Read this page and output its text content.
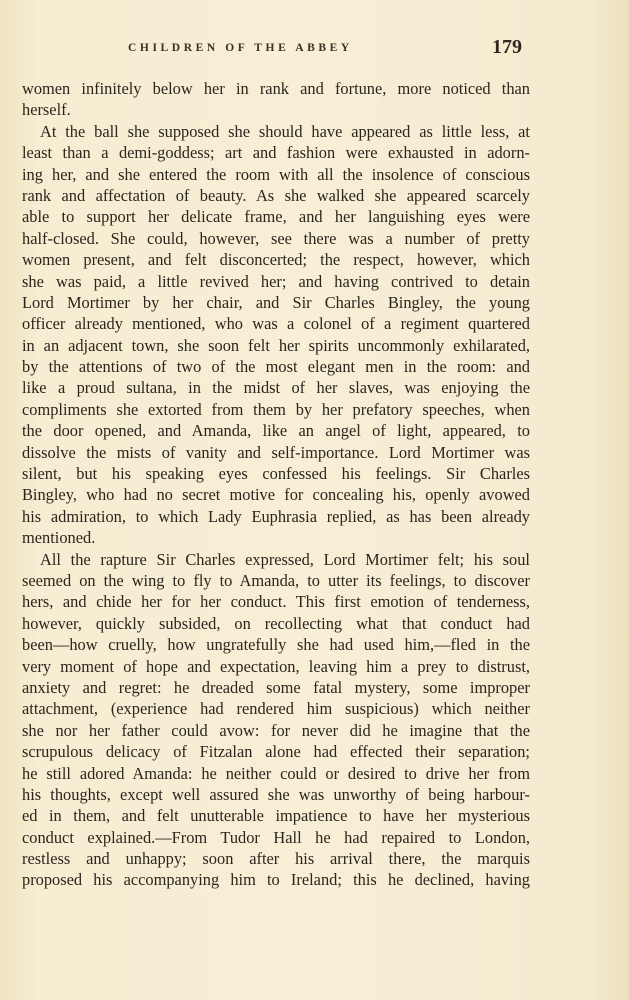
CHILDREN OF THE ABBEY	179
women infinitely below her in rank and fortune, more noticed than
herself.
At the ball she supposed she should have appeared as little less, at
least than a demi-goddess; art and fashion were exhausted in adorn-
ing her, and she entered the room with all the insolence of conscious
rank and affectation of beauty. As she walked she appeared scarcely
able to support her delicate frame, and her languishing eyes were
half-closed. She could, however, see there was a number of pretty
women present, and felt disconcerted; the respect, however, which
she was paid, a little revived her; and having contrived to detain
Lord Mortimer by her chair, and Sir Charles Bingley, the young
officer already mentioned, who was a colonel of a regiment quartered
in an adjacent town, she soon felt her spirits uncommonly exhilarated,
by the attentions of two of the most elegant men in the room: and
like a proud sultana, in the midst of her slaves, was enjoying the
compliments she extorted from them by her prefatory speeches, when
the door opened, and Amanda, like an angel of light, appeared, to
dissolve the mists of vanity and self-importance. Lord Mortimer was
silent, but his speaking eyes confessed his feelings. Sir Charles
Bingley, who had no secret motive for concealing his, openly avowed
his admiration, to which Lady Euphrasia replied, as has been already
mentioned.
All the rapture Sir Charles expressed, Lord Mortimer felt; his soul
seemed on the wing to fly to Amanda, to utter its feelings, to discover
hers, and chide her for her conduct. This first emotion of tenderness,
however, quickly subsided, on recollecting what that conduct had
been—how cruelly, how ungratefully she had used him,—fled in the
very moment of hope and expectation, leaving him a prey to distrust,
anxiety and regret: he dreaded some fatal mystery, some improper
attachment, (experience had rendered him suspicious) which neither
she nor her father could avow: for never did he imagine that the
scrupulous delicacy of Fitzalan alone had effected their separation;
he still adored Amanda: he neither could or desired to drive her from
his thoughts, except well assured she was unworthy of being harbour-
ed in them, and felt unutterable impatience to have her mysterious
conduct explained.—From Tudor Hall he had repaired to London,
restless and unhappy; soon after his arrival there, the marquis
proposed his accompanying him to Ireland; this he declined, having
